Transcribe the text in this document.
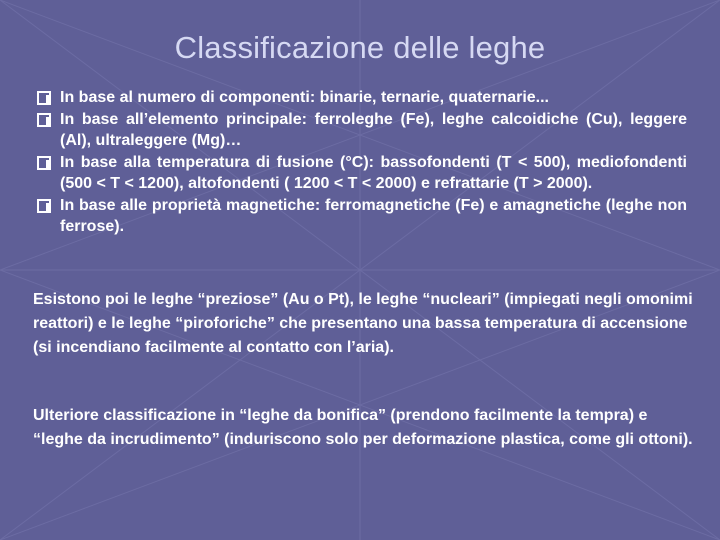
Classificazione delle leghe
In base al numero di componenti: binarie, ternarie, quaternarie...
In base all’elemento principale: ferroleghe (Fe), leghe calcoidiche (Cu), leggere (Al), ultraleggere (Mg)…
In base alla temperatura di fusione (°C): bassofondenti (T < 500), mediofondenti (500 < T < 1200), altofondenti ( 1200 < T < 2000) e refrattarie (T > 2000).
In base alle proprietà magnetiche: ferromagnetiche (Fe) e amagnetiche (leghe non ferrose).
Esistono poi le leghe “preziose” (Au o Pt), le leghe “nucleari” (impiegati negli omonimi reattori) e le leghe “piroforiche” che presentano una bassa temperatura di accensione (si incendiano facilmente al contatto con l’aria).
Ulteriore classificazione in “leghe da bonifica” (prendono facilmente la tempra) e “leghe da incrudimento” (induriscono solo per deformazione plastica, come gli ottoni).
